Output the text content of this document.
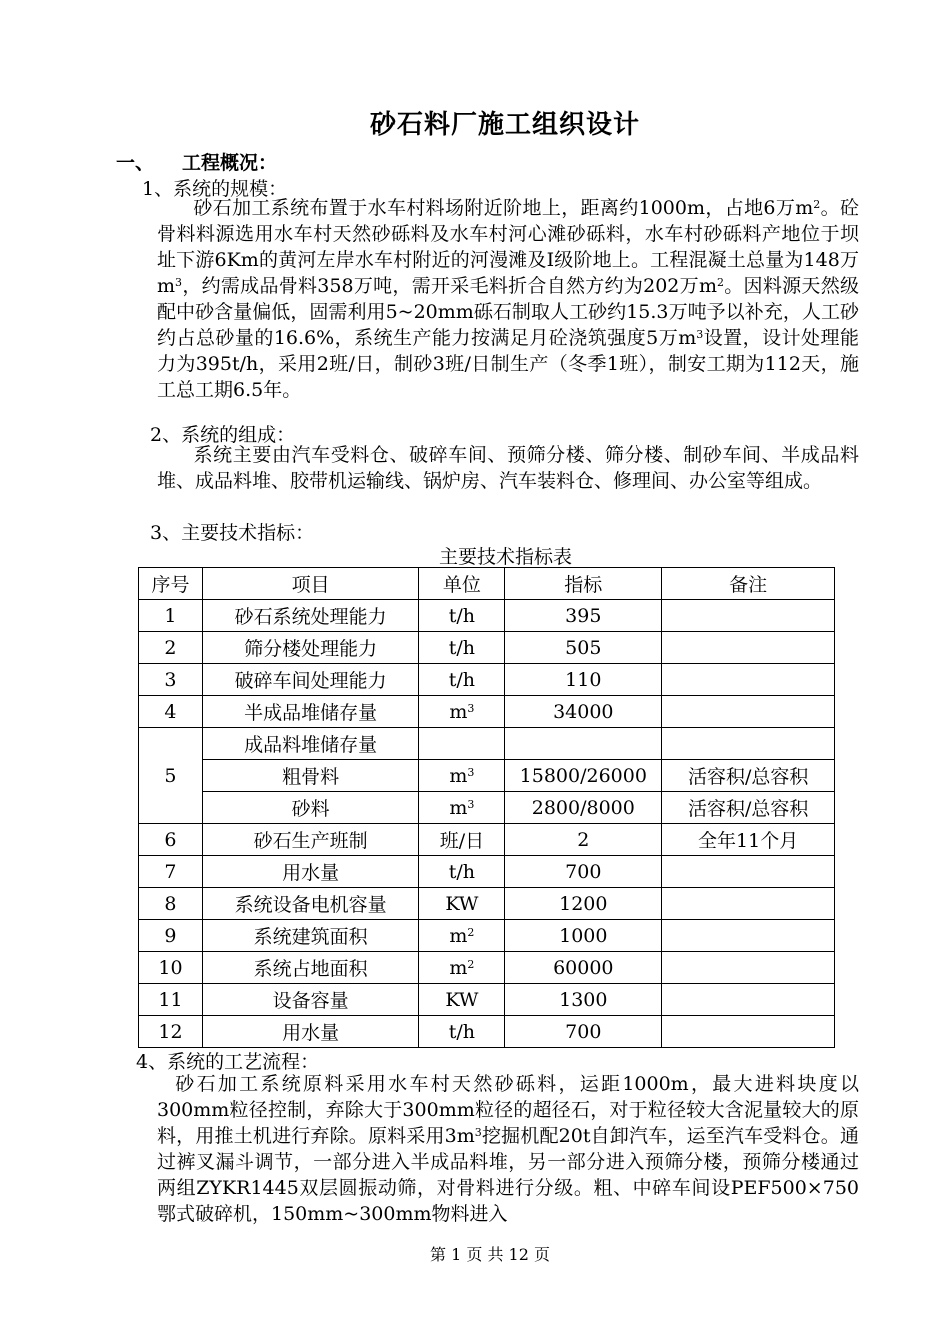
砂石料厂施工组织设计
一、 工程概况：
1、系统的规模：

砂石加工系统布置于水车村料场附近阶地上，距离约1000m，占地6万$m^2$。砼骨料料源选用水车村天然砂砾料及水车村河心滩砂砾料，水车村砂砾料产地位于坝址下游6Km的黄河左岸水车村附近的河漫滩及Ⅰ级阶地上。工程混凝土总量为148万$m^3$，约需成品骨料358万吨，需开采毛料折合自然方约为202万$m^2$。因料源天然级配中砂含量偏低，固需利用5~20mm砾石制取人工砂约15.3万吨予以补充，人工砂约占总砂量的16.6%，系统生产能力按满足月砼浇筑强度5万$m^3$设置，设计处理能力为395t/h，采用2班/日，制砂3班/日制生产（冬季1班），制安工期为112天，施工总工期6.5年。

2、系统的组成：

系统主要由汽车受料仓、破碎车间、预筛分楼、筛分楼、制砂车间、半成品料堆、成品料堆、胶带机运输线、锅炉房、汽车装料仓、修理间、办公室等组成。

3、主要技术指标：
主要技术指标表
序号	项目	单位	指标	备注
1	砂石系统处理能力	t/h	395	
2	筛分楼处理能力	t/h	505	
3	破碎车间处理能力	t/h	110	
4	半成品堆储存量	$m^3$	34000	
5	成品料堆储存量			
	粗骨料	$m^3$	15800/26000	活容积/总容积
	砂料	$m^3$	2800/8000	活容积/总容积
6	砂石生产班制	班/日	2	全年11个月
7	用水量	t/h	700	
8	系统设备电机容量	KW	1200	
9	系统建筑面积	$m^2$	1000	
10	系统占地面积	$m^2$	60000	
11	设备容量	KW	1300	
12	用水量	t/h	700	
4、系统的工艺流程：

砂石加工系统原料采用水车村天然砂砾料，运距1000m，最大进料块度以300mm粒径控制，弃除大于300mm粒径的超径石，对于粒径较大含泥量较大的原料，用推土机进行弃除。原料采用$3m^3$挖掘机配20t自卸汽车，运至汽车受料仓。通过裤叉漏斗调节，一部分进入半成品料堆，另一部分进入预筛分楼，预筛分楼通过两组ZYKR1445双层圆振动筛，对骨料进行分级。粗、中碎车间设PEF500×750鄂式破碎机，150mm~300mm物料进入

第 1 页 共 12 页
